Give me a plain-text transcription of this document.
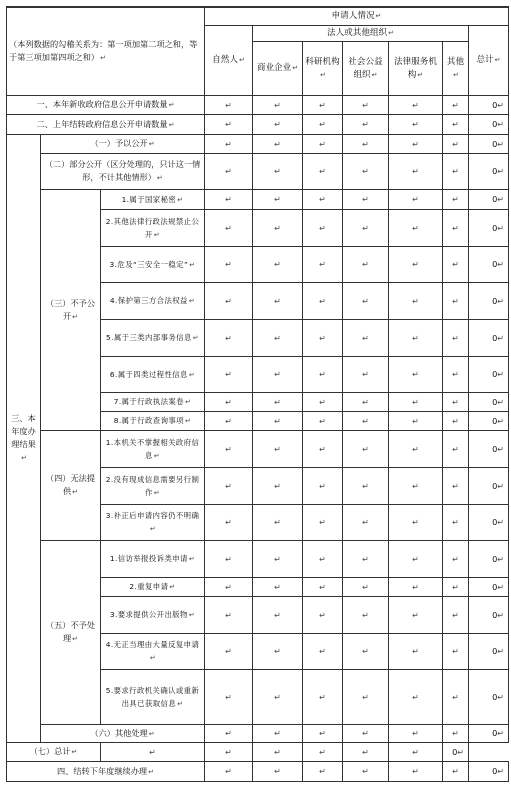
（本列数据的勾稽关系为：第一项加第二项之和，等于第三项加第四项之和） ↵			申请人情况 ↵
			自然人 ↵	法人或其他组织 ↵					总计 ↵
				商业企业 ↵	科研机构 ↵	社会公益组织 ↵	法律服务机构 ↵	其他 ↵
一、本年新收政府信息公开申请数量 ↵			↵	↵	↵	↵	↵	↵	0↵
二、上年结转政府信息公开申请数量 ↵			↵	↵	↵	↵	↵	↵	0↵
三、本年度办理结果 ↵	（一）予以公开 ↵		↵	↵	↵	↵	↵	↵	0↵
	（二）部分公开（区分处理的，只计这一情形，不计其他情形） ↵		↵	↵	↵	↵	↵	↵	0↵
	（三）不予公开 ↵	1.属于国家秘密 ↵	↵	↵	↵	↵	↵	↵	0↵
		2.其他法律行政法规禁止公开 ↵	↵	↵	↵	↵	↵	↵	0↵
		3.危及“三安全一稳定” ↵	↵	↵	↵	↵	↵	↵	0↵
		4.保护第三方合法权益 ↵	↵	↵	↵	↵	↵	↵	0↵
		5.属于三类内部事务信息 ↵	↵	↵	↵	↵	↵	↵	0↵
		6.属于四类过程性信息 ↵	↵	↵	↵	↵	↵	↵	0↵
		7.属于行政执法案卷 ↵	↵	↵	↵	↵	↵	↵	0↵
		8.属于行政查询事项 ↵	↵	↵	↵	↵	↵	↵	0↵
	（四）无法提供 ↵	1.本机关不掌握相关政府信息 ↵	↵	↵	↵	↵	↵	↵	0↵
		2.没有现成信息需要另行制作 ↵	↵	↵	↵	↵	↵	↵	0↵
		3.补正后申请内容仍不明确 ↵	↵	↵	↵	↵	↵	↵	0↵
	（五）不予处理 ↵	1.信访举报投诉类申请 ↵	↵	↵	↵	↵	↵	↵	0↵
		2.重复申请 ↵	↵	↵	↵	↵	↵	↵	0↵
		3.要求提供公开出版物 ↵	↵	↵	↵	↵	↵	↵	0↵
		4.无正当理由大量反复申请 ↵	↵	↵	↵	↵	↵	↵	0↵
		5.要求行政机关确认或重新出具已获取信息 ↵	↵	↵	↵	↵	↵	↵	0↵
	（六）其他处理 ↵		↵	↵	↵	↵	↵	↵	0↵
（七）总计 ↵		↵	↵	↵	↵	↵	↵	0↵	
四、结转下年度继续办理 ↵			↵	↵	↵	↵	↵	↵	0↵
